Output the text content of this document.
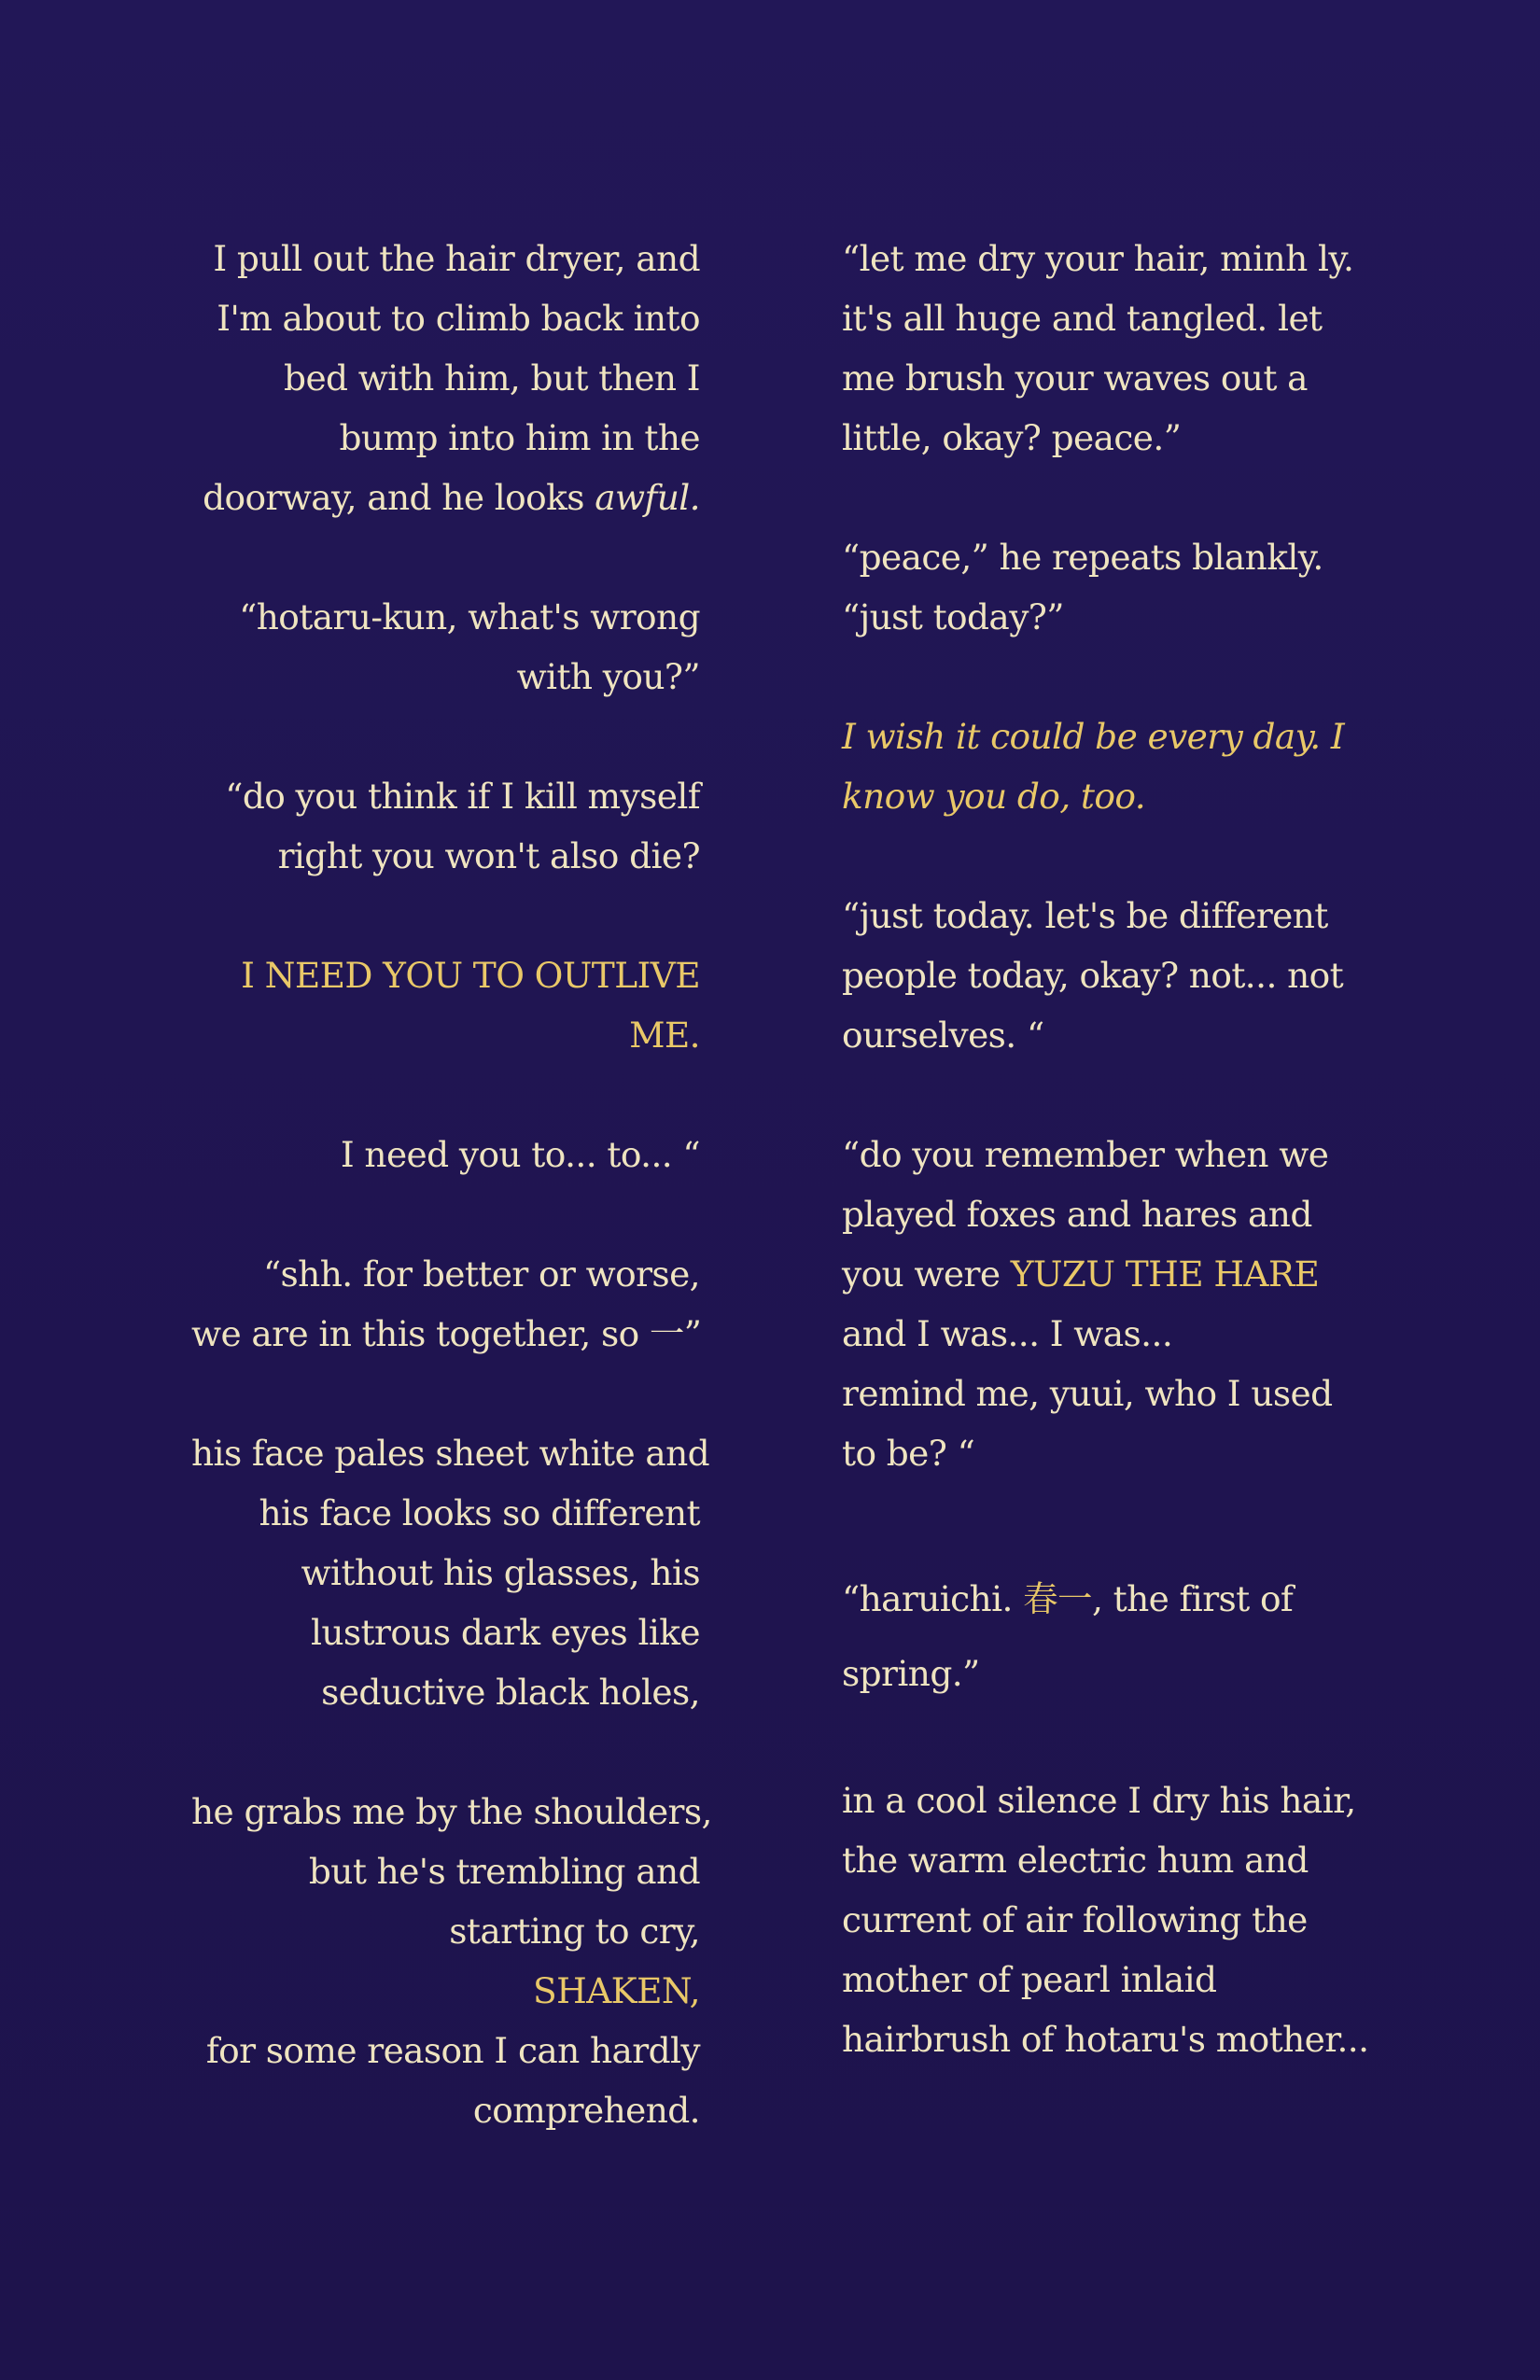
I pull out the hair dryer, and
I'm about to climb back into
bed with him, but then I
bump into him in the
doorway, and he looks awful.
“hotaru-kun, what's wrong
with you?”
“do you think if I kill myself
right you won't also die?
I NEED YOU TO OUTLIVE
ME.
I need you to... to... “
“shh. for better or worse,
we are in this together, so 一”
his face pales sheet white and
his face looks so different
without his glasses, his
lustrous dark eyes like
seductive black holes,
he grabs me by the shoulders,
but he's trembling and
starting to cry,
SHAKEN,
for some reason I can hardly
comprehend.
“let me dry your hair, minh ly.
it's all huge and tangled. let
me brush your waves out a
little, okay? peace.”
“peace,” he repeats blankly.
“just today?”
I wish it could be every day. I
know you do, too.
“just today. let's be different
people today, okay? not... not
ourselves. “
“do you remember when we
played foxes and hares and
you were YUZU THE HARE
and I was... I was...
remind me, yuui, who I used
to be? “
“haruichi. 春一, the first of
spring.”
in a cool silence I dry his hair,
the warm electric hum and
current of air following the
mother of pearl inlaid
hairbrush of hotaru's mother...
